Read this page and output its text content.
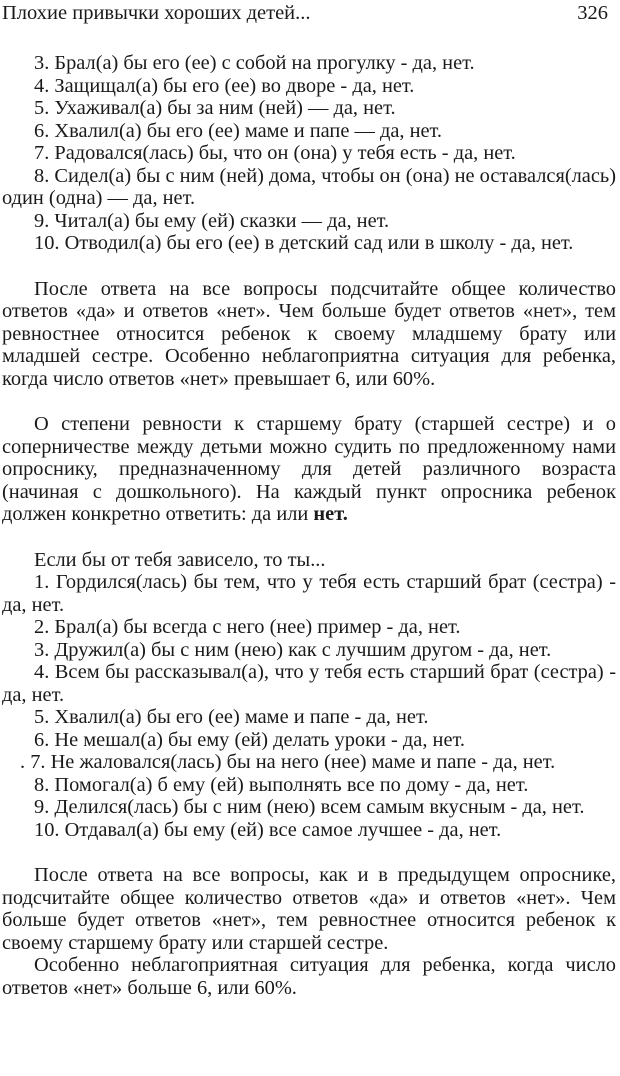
Плохие привычки хороших детей...	326

3. Брал(а) бы его (ее) с собой на прогулку - да, нет.

4. Защищал(а) бы его (ее) во дворе - да, нет.

5. Ухаживал(а) бы за ним (ней) — да, нет.

6. Хвалил(а) бы его (ее) маме и папе — да, нет.

7. Радовался(лась) бы, что он (она) у тебя есть - да, нет.

8. Сидел(а) бы с ним (ней) дома, чтобы он (она) не оставался(лась) один (одна) — да, нет.

9. Читал(а) бы ему (ей) сказки — да, нет.

10. Отводил(а) бы его (ее) в детский сад или в школу - да, нет.

После ответа на все вопросы подсчитайте общее количество ответов «да» и ответов «нет». Чем больше будет ответов «нет», тем ревностнее относится ребенок к своему младшему брату или младшей сестре. Особенно неблагоприятна ситуация для ребенка, когда число ответов «нет» превышает 6, или 60%.

О степени ревности к старшему брату (старшей сестре) и о соперничестве между детьми можно судить по предложенному нами опроснику, предназначенному для детей различного возраста (начиная с дошкольного). На каждый пункт опросника ребенок должен конкретно ответить: да или нет.

Если бы от тебя зависело, то ты...

1. Гордился(лась) бы тем, что у тебя есть старший брат (сестра) - да, нет.

2. Брал(а) бы всегда с него (нее) пример - да, нет.

3. Дружил(а) бы с ним (нею) как с лучшим другом - да, нет.

4. Всем бы рассказывал(а), что у тебя есть старший брат (сестра) - да, нет.

5. Хвалил(а) бы его (ее) маме и папе - да, нет.

6. Не мешал(а) бы ему (ей) делать уроки - да, нет.

. 7. Не жаловался(лась) бы на него (нее) маме и папе - да, нет.

8. Помогал(а) б ему (ей) выполнять все по дому - да, нет.

9. Делился(лась) бы с ним (нею) всем самым вкусным - да, нет.

10. Отдавал(а) бы ему (ей) все самое лучшее - да, нет.

После ответа на все вопросы, как и в предыдущем опроснике, подсчитайте общее количество ответов «да» и ответов «нет». Чем больше будет ответов «нет», тем ревностнее относится ребенок к своему старшему брату или старшей сестре.

Особенно неблагоприятная ситуация для ребенка, когда число ответов «нет» больше 6, или 60%.
